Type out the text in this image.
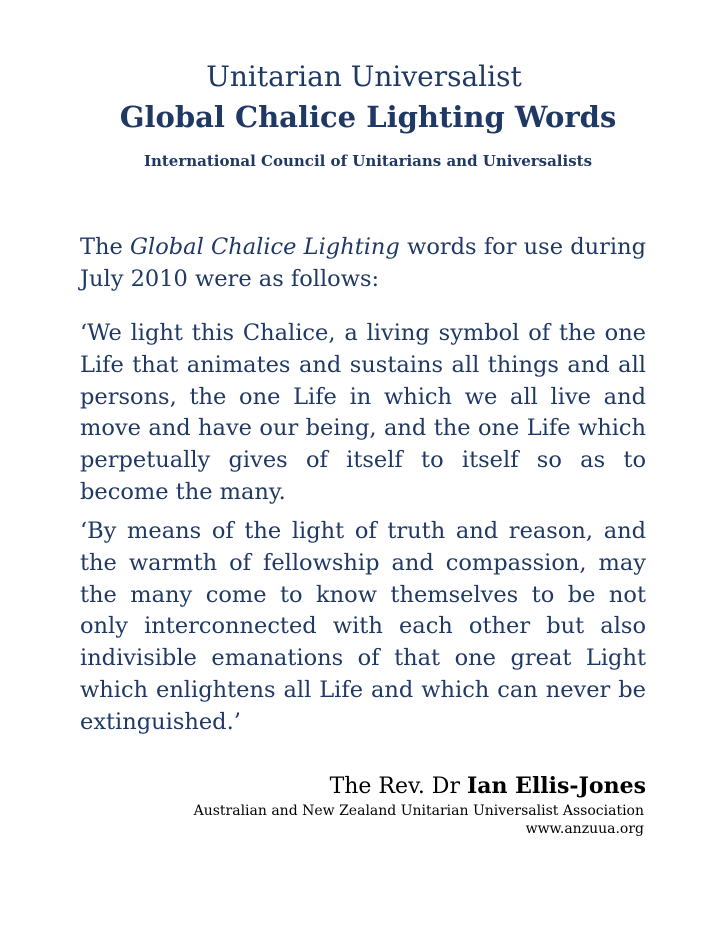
Unitarian Universalist
Global Chalice Lighting Words
International Council of Unitarians and Universalists

The Global Chalice Lighting words for use during July 2010 were as follows:

‘We light this Chalice, a living symbol of the one Life that animates and sustains all things and all persons, the one Life in which we all live and move and have our being, and the one Life which perpetually gives of itself to itself so as to become the many.

‘By means of the light of truth and reason, and the warmth of fellowship and compassion, may the many come to know themselves to be not only interconnected with each other but also indivisible emanations of that one great Light which enlightens all Life and which can never be extinguished.’

The Rev. Dr Ian Ellis-Jones
Australian and New Zealand Unitarian Universalist Association
www.anzuua.org
